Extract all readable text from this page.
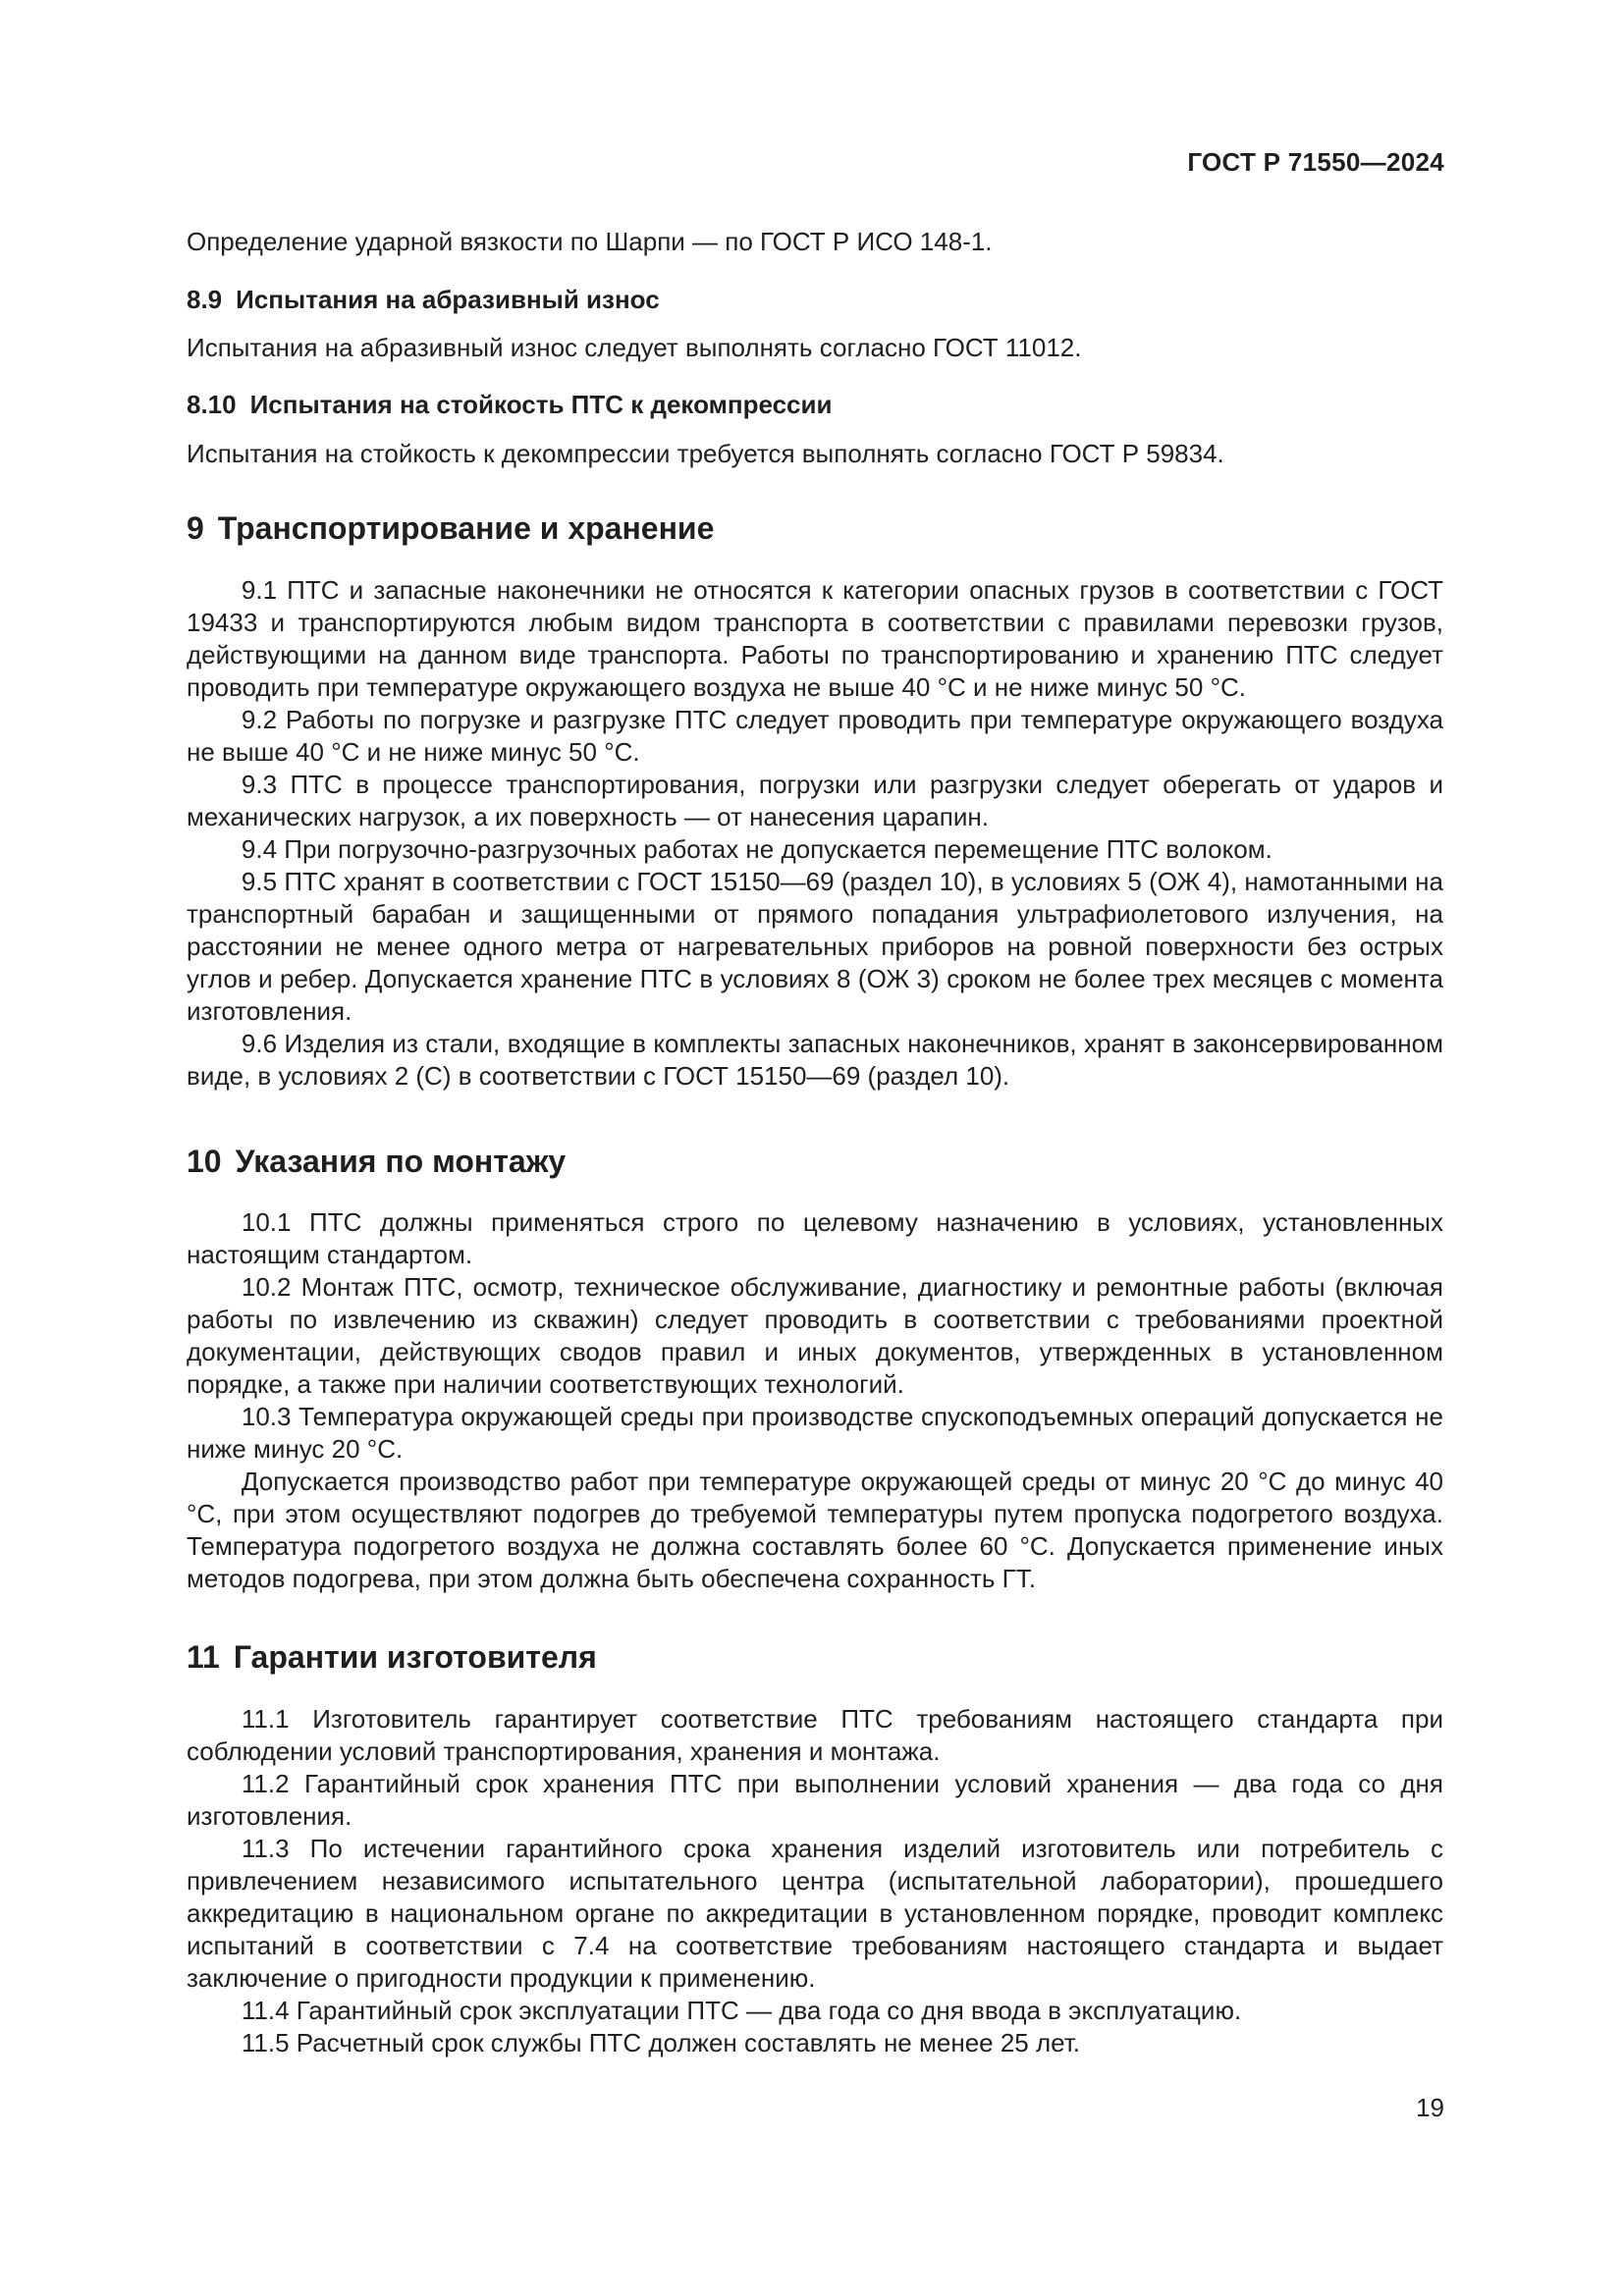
ГОСТ Р 71550—2024

Определение ударной вязкости по Шарпи — по ГОСТ Р ИСО 148-1.

8.9 Испытания на абразивный износ

Испытания на абразивный износ следует выполнять согласно ГОСТ 11012.

8.10 Испытания на стойкость ПТС к декомпрессии

Испытания на стойкость к декомпрессии требуется выполнять согласно ГОСТ Р 59834.

9 Транспортирование и хранение

9.1 ПТС и запасные наконечники не относятся к категории опасных грузов в соответствии с ГОСТ 19433 и транспортируются любым видом транспорта в соответствии с правилами перевозки грузов, действующими на данном виде транспорта. Работы по транспортированию и хранению ПТС следует проводить при температуре окружающего воздуха не выше 40 °С и не ниже минус 50 °С.

9.2 Работы по погрузке и разгрузке ПТС следует проводить при температуре окружающего воздуха не выше 40 °С и не ниже минус 50 °С.

9.3 ПТС в процессе транспортирования, погрузки или разгрузки следует оберегать от ударов и механических нагрузок, а их поверхность — от нанесения царапин.

9.4 При погрузочно-разгрузочных работах не допускается перемещение ПТС волоком.

9.5 ПТС хранят в соответствии с ГОСТ 15150—69 (раздел 10), в условиях 5 (ОЖ 4), намотанными на транспортный барабан и защищенными от прямого попадания ультрафиолетового излучения, на расстоянии не менее одного метра от нагревательных приборов на ровной поверхности без острых углов и ребер. Допускается хранение ПТС в условиях 8 (ОЖ 3) сроком не более трех месяцев с момента изготовления.

9.6 Изделия из стали, входящие в комплекты запасных наконечников, хранят в законсервированном виде, в условиях 2 (С) в соответствии с ГОСТ 15150—69 (раздел 10).

10 Указания по монтажу

10.1 ПТС должны применяться строго по целевому назначению в условиях, установленных настоящим стандартом.

10.2 Монтаж ПТС, осмотр, техническое обслуживание, диагностику и ремонтные работы (включая работы по извлечению из скважин) следует проводить в соответствии с требованиями проектной документации, действующих сводов правил и иных документов, утвержденных в установленном порядке, а также при наличии соответствующих технологий.

10.3 Температура окружающей среды при производстве спускоподъемных операций допускается не ниже минус 20 °С.

Допускается производство работ при температуре окружающей среды от минус 20 °С до минус 40 °С, при этом осуществляют подогрев до требуемой температуры путем пропуска подогретого воздуха. Температура подогретого воздуха не должна составлять более 60 °С. Допускается применение иных методов подогрева, при этом должна быть обеспечена сохранность ГТ.

11 Гарантии изготовителя

11.1 Изготовитель гарантирует соответствие ПТС требованиям настоящего стандарта при соблюдении условий транспортирования, хранения и монтажа.

11.2 Гарантийный срок хранения ПТС при выполнении условий хранения — два года со дня изготовления.

11.3 По истечении гарантийного срока хранения изделий изготовитель или потребитель с привлечением независимого испытательного центра (испытательной лаборатории), прошедшего аккредитацию в национальном органе по аккредитации в установленном порядке, проводит комплекс испытаний в соответствии с 7.4 на соответствие требованиям настоящего стандарта и выдает заключение о пригодности продукции к применению.

11.4 Гарантийный срок эксплуатации ПТС — два года со дня ввода в эксплуатацию.

11.5 Расчетный срок службы ПТС должен составлять не менее 25 лет.

19
